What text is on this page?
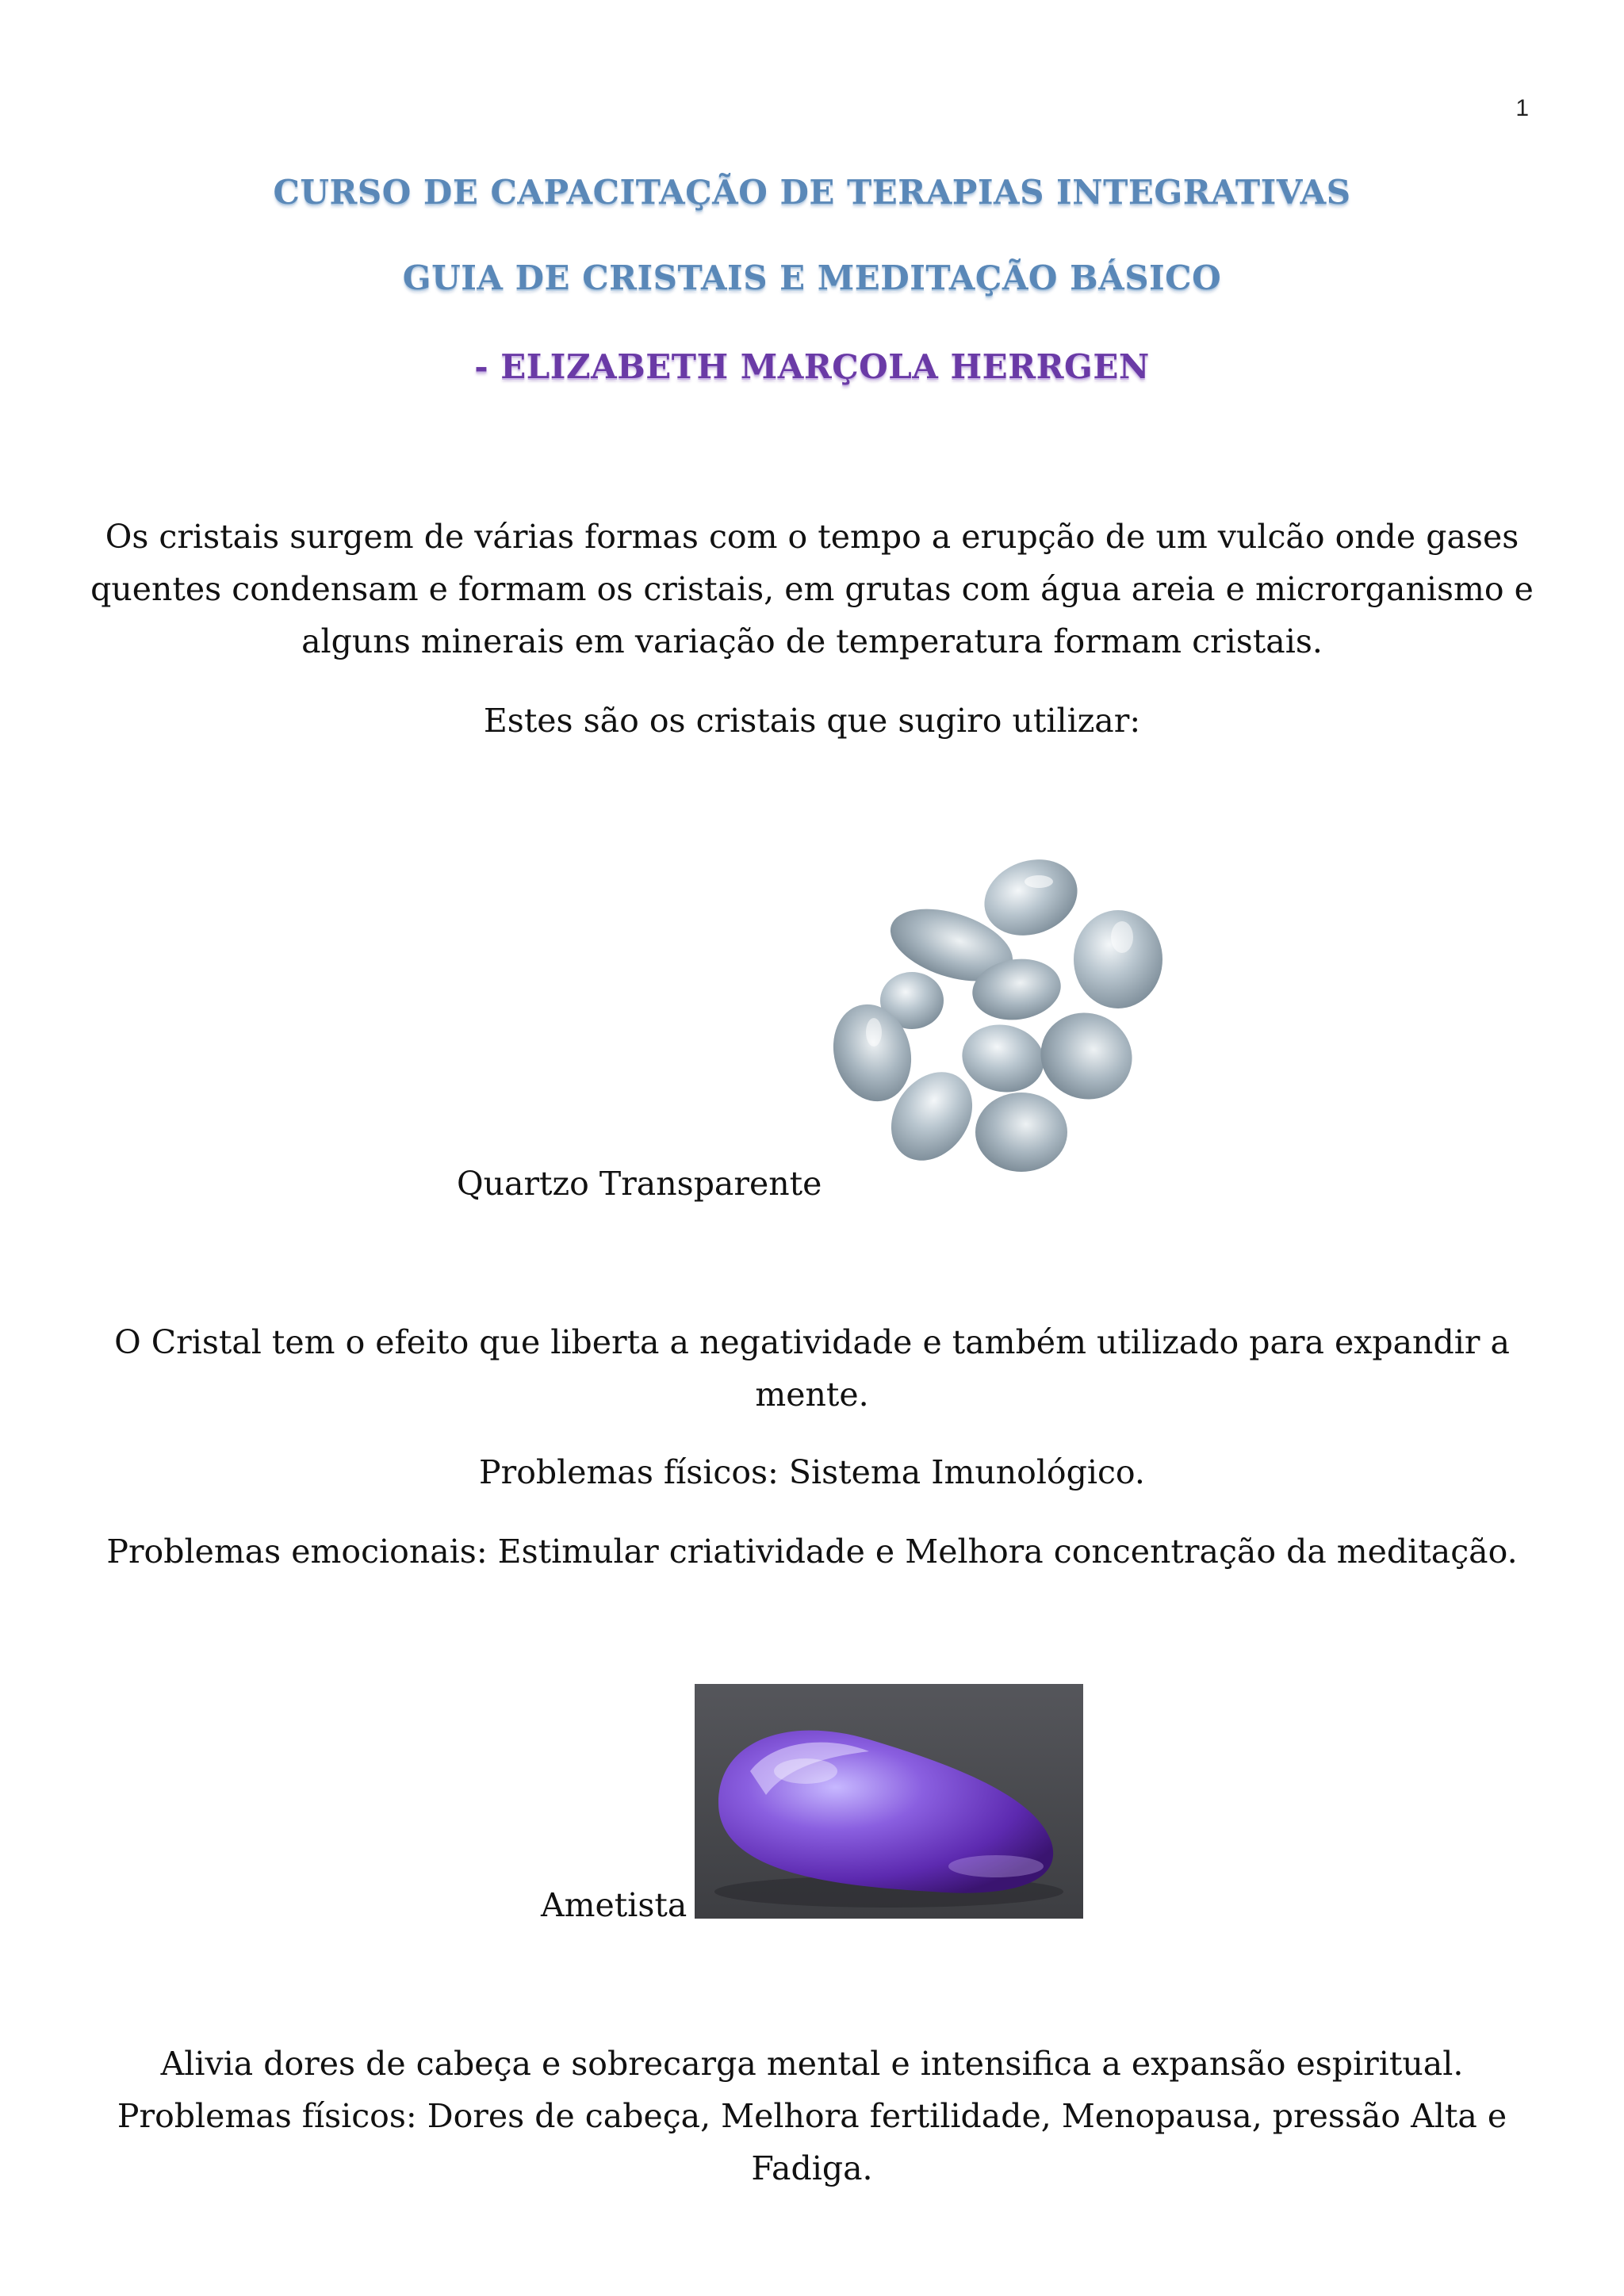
1
CURSO DE CAPACITAÇÃO DE TERAPIAS INTEGRATIVAS
GUIA DE CRISTAIS E MEDITAÇÃO BÁSICO
- ELIZABETH MARÇOLA HERRGEN
Os cristais surgem de várias formas com o tempo a erupção de um vulcão onde gases quentes condensam e formam os cristais, em grutas com água areia e microrganismo e alguns minerais em variação de temperatura formam cristais.
Estes são os cristais que sugiro utilizar:
Quartzo Transparente
O Cristal tem o efeito que liberta a negatividade e também utilizado para expandir a mente.
Problemas físicos: Sistema Imunológico.
Problemas emocionais: Estimular criatividade e Melhora concentração da meditação.
Ametista
Alivia dores de cabeça e sobrecarga mental e intensifica a expansão espiritual.
Problemas físicos: Dores de cabeça, Melhora fertilidade, Menopausa, pressão Alta e Fadiga.
